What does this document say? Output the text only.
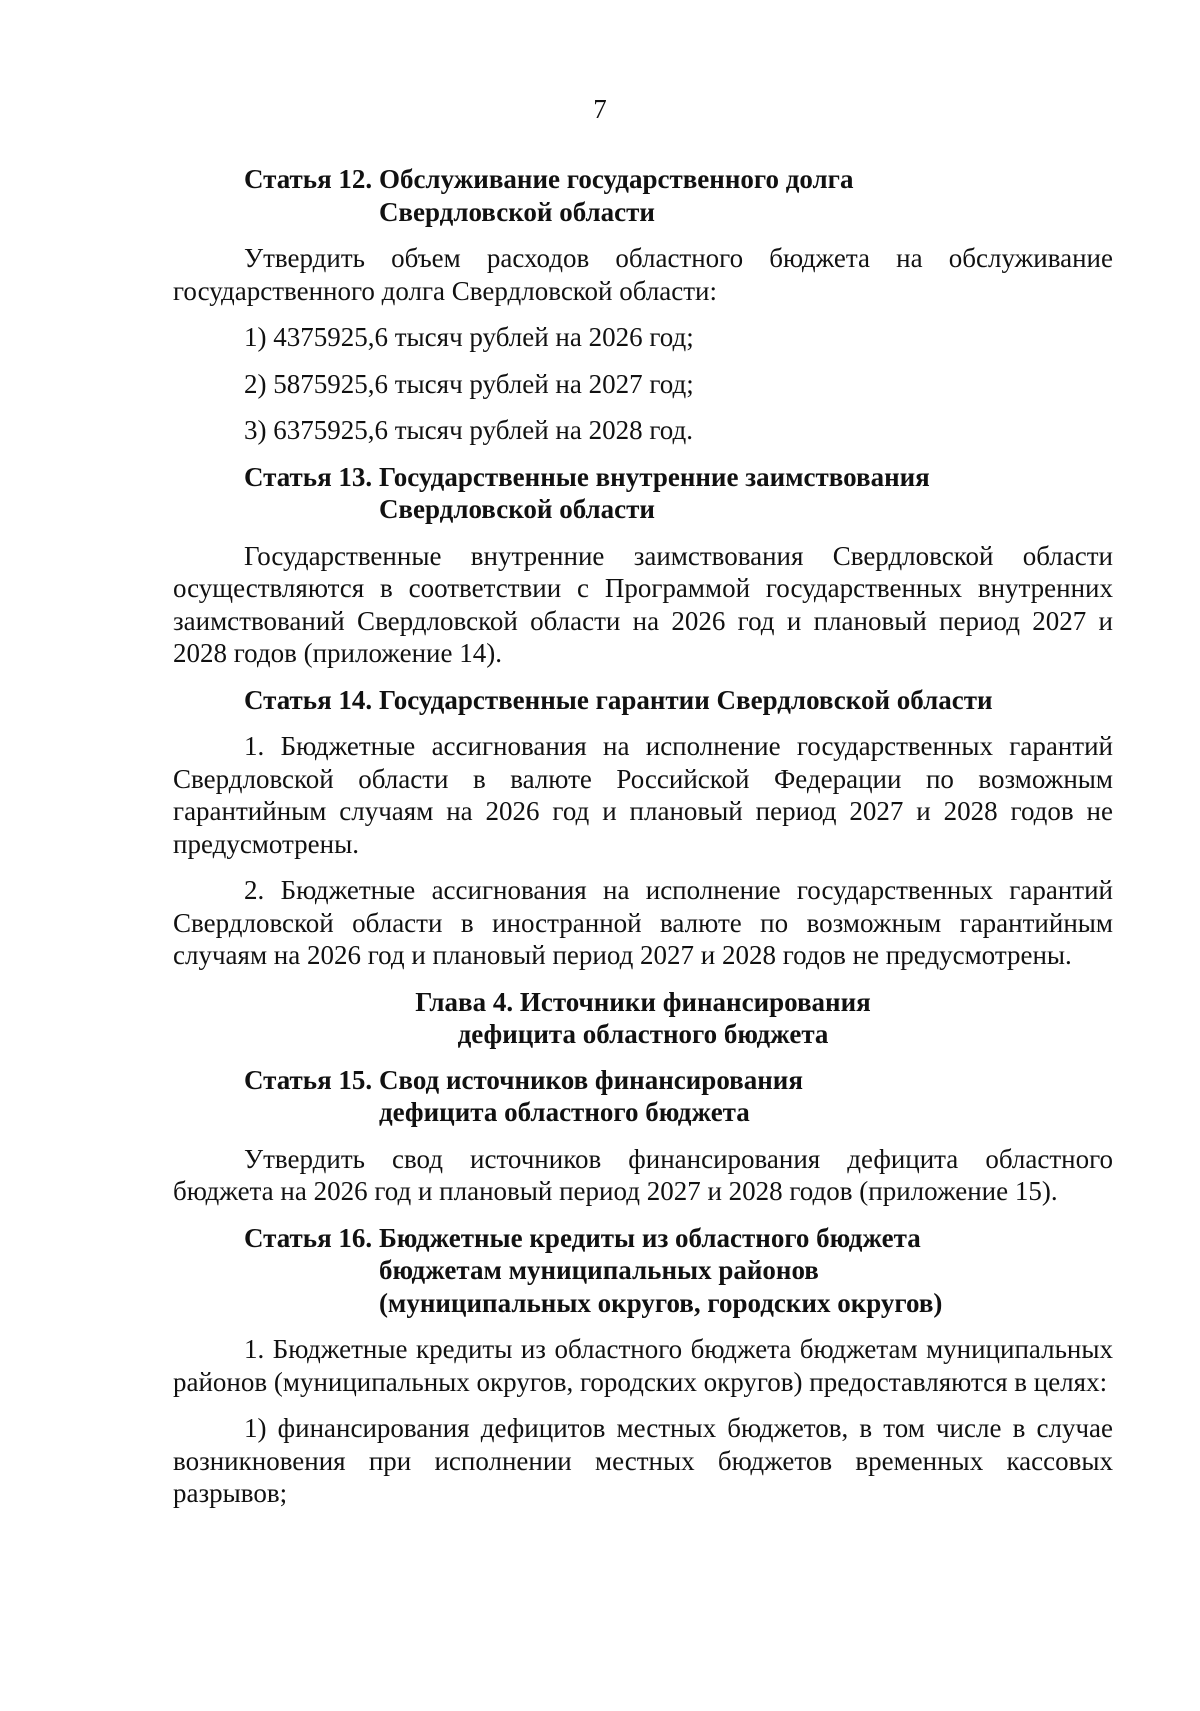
7
Статья 12.
Обслуживание государственного долга
Свердловской области

Утвердить объем расходов областного бюджета на обслуживание государственного долга Свердловской области:

1) 4375925,6 тысяч рублей на 2026 год;

2) 5875925,6 тысяч рублей на 2027 год;

3) 6375925,6 тысяч рублей на 2028 год.

Статья 13.
Государственные внутренние заимствования
Свердловской области

Государственные внутренние заимствования Свердловской области осуществляются в соответствии с Программой государственных внутренних заимствований Свердловской области на 2026 год и плановый период 2027 и 2028 годов (приложение 14).

Статья 14.
Государственные гарантии Свердловской области

1. Бюджетные ассигнования на исполнение государственных гарантий Свердловской области в валюте Российской Федерации по возможным гарантийным случаям на 2026 год и плановый период 2027 и 2028 годов не предусмотрены.

2. Бюджетные ассигнования на исполнение государственных гарантий Свердловской области в иностранной валюте по возможным гарантийным случаям на 2026 год и плановый период 2027 и 2028 годов не предусмотрены.

Глава 4. Источники финансирования
дефицита областного бюджета
Статья 15.
Свод источников финансирования
дефицита областного бюджета

Утвердить свод источников финансирования дефицита областного бюджета на 2026 год и плановый период 2027 и 2028 годов (приложение 15).

Статья 16.
Бюджетные кредиты из областного бюджета
бюджетам муниципальных районов
(муниципальных округов, городских округов)

1. Бюджетные кредиты из областного бюджета бюджетам муниципальных районов (муниципальных округов, городских округов) предоставляются в целях:

1) финансирования дефицитов местных бюджетов, в том числе в случае возникновения при исполнении местных бюджетов временных кассовых разрывов;
